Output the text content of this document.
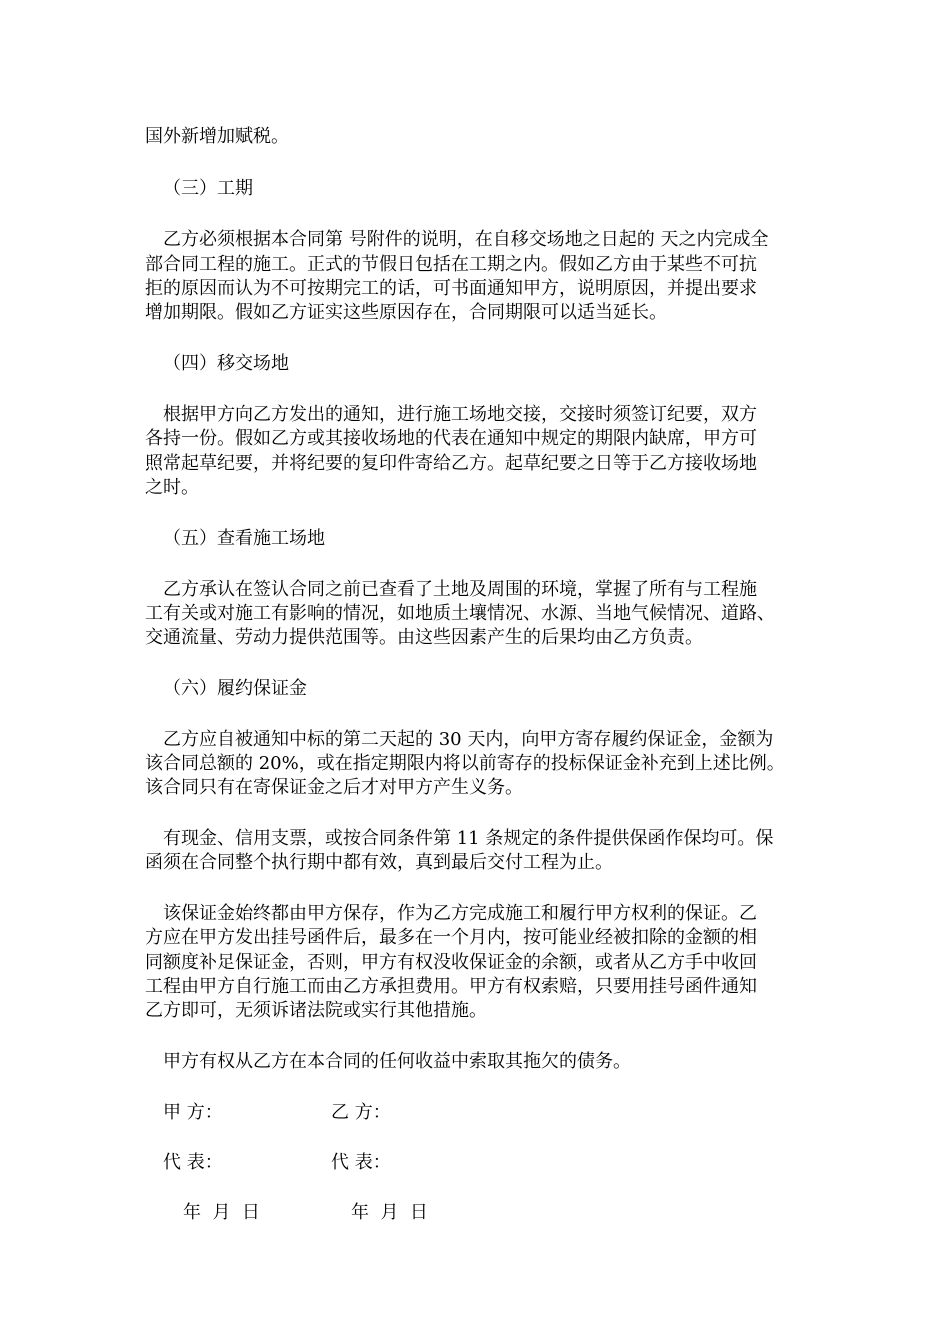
国外新增加赋税。
（三）工期
乙方必须根据本合同第 号附件的说明，在自移交场地之日起的 天之内完成全
部合同工程的施工。正式的节假日包括在工期之内。假如乙方由于某些不可抗
拒的原因而认为不可按期完工的话，可书面通知甲方，说明原因，并提出要求
增加期限。假如乙方证实这些原因存在，合同期限可以适当延长。
（四）移交场地
根据甲方向乙方发出的通知，进行施工场地交接，交接时须签订纪要，双方
各持一份。假如乙方或其接收场地的代表在通知中规定的期限内缺席，甲方可
照常起草纪要，并将纪要的复印件寄给乙方。起草纪要之日等于乙方接收场地
之时。
（五）查看施工场地
乙方承认在签认合同之前已查看了土地及周围的环境，掌握了所有与工程施
工有关或对施工有影响的情况，如地质土壤情况、水源、当地气候情况、道路、
交通流量、劳动力提供范围等。由这些因素产生的后果均由乙方负责。
（六）履约保证金
乙方应自被通知中标的第二天起的 30 天内，向甲方寄存履约保证金，金额为
该合同总额的 20%，或在指定期限内将以前寄存的投标保证金补充到上述比例。
该合同只有在寄保证金之后才对甲方产生义务。
有现金、信用支票，或按合同条件第 11 条规定的条件提供保函作保均可。保
函须在合同整个执行期中都有效，真到最后交付工程为止。
该保证金始终都由甲方保存，作为乙方完成施工和履行甲方权利的保证。乙
方应在甲方发出挂号函件后，最多在一个月内，按可能业经被扣除的金额的相
同额度补足保证金，否则，甲方有权没收保证金的余额，或者从乙方手中收回
工程由甲方自行施工而由乙方承担费用。甲方有权索赔，只要用挂号函件通知
乙方即可，无须诉诸法院或实行其他措施。
甲方有权从乙方在本合同的任何收益中索取其拖欠的债务。
甲 方：	乙 方：
代 表：	代 表：
年  月  日	年  月  日
